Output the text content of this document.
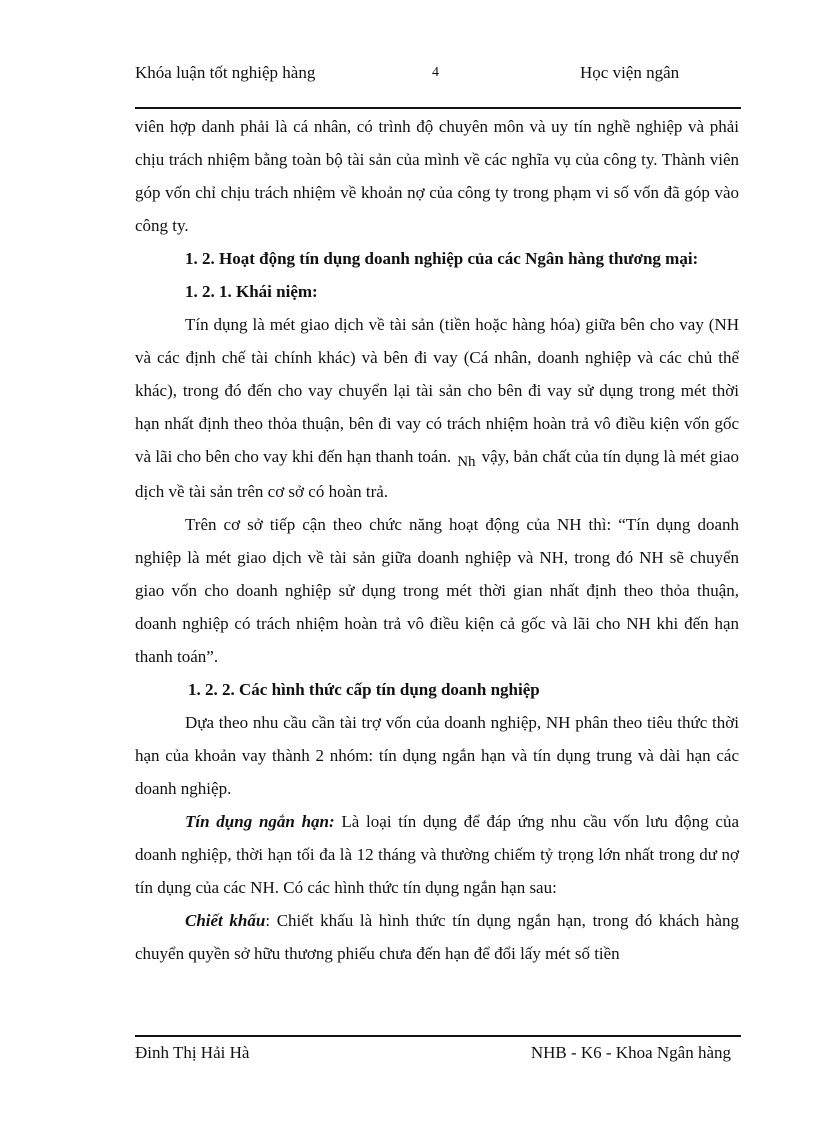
Khóa luận tốt nghiệp hàng	4	Học viện ngân

viên hợp danh phải là cá nhân, có trình độ chuyên môn và uy tín nghề nghiệp và phải chịu trách nhiệm bằng toàn bộ tài sản của mình về các nghĩa vụ của công ty. Thành viên góp vốn chỉ chịu trách nhiệm về khoản nợ của công ty trong phạm vi số vốn đã góp vào công ty.

1. 2. Hoạt động tín dụng doanh nghiệp của các Ngân hàng thương mại:

1. 2. 1. Khái niệm:

Tín dụng là mét giao dịch về tài sản (tiền hoặc hàng hóa) giữa bên cho vay (NH và các định chế tài chính khác) và bên đi vay (Cá nhân, doanh nghiệp và các chủ thể khác), trong đó đến cho vay chuyển lại tài sản cho bên đi vay sử dụng trong mét thời hạn nhất định theo thỏa thuận, bên đi vay có trách nhiệm hoàn trả vô điều kiện vốn gốc và lãi cho bên cho vay khi đến hạn thanh toán. Nh vậy, bản chất của tín dụng là mét giao dịch về tài sản trên cơ sở có hoàn trả.

Trên cơ sở tiếp cận theo chức năng hoạt động của NH thì: “Tín dụng doanh nghiệp là mét giao dịch về tài sản giữa doanh nghiệp và NH, trong đó NH sẽ chuyển giao vốn cho doanh nghiệp sử dụng trong mét thời gian nhất định theo thỏa thuận, doanh nghiệp có trách nhiệm hoàn trả vô điều kiện cả gốc và lãi cho NH khi đến hạn thanh toán”.

1. 2. 2. Các hình thức cấp tín dụng doanh nghiệp

Dựa theo nhu cầu cần tài trợ vốn của doanh nghiệp, NH phân theo tiêu thức thời hạn của khoản vay thành 2 nhóm: tín dụng ngắn hạn và tín dụng trung và dài hạn các doanh nghiệp.

Tín dụng ngắn hạn: Là loại tín dụng để đáp ứng nhu cầu vốn lưu động của doanh nghiệp, thời hạn tối đa là 12 tháng và thường chiếm tỷ trọng lớn nhất trong dư nợ tín dụng của các NH. Có các hình thức tín dụng ngắn hạn sau:

Chiết khấu: Chiết khấu là hình thức tín dụng ngắn hạn, trong đó khách hàng chuyển quyền sở hữu thương phiếu chưa đến hạn để đổi lấy mét số tiền

Đinh Thị Hải Hà	NHB - K6 - Khoa Ngân hàng
